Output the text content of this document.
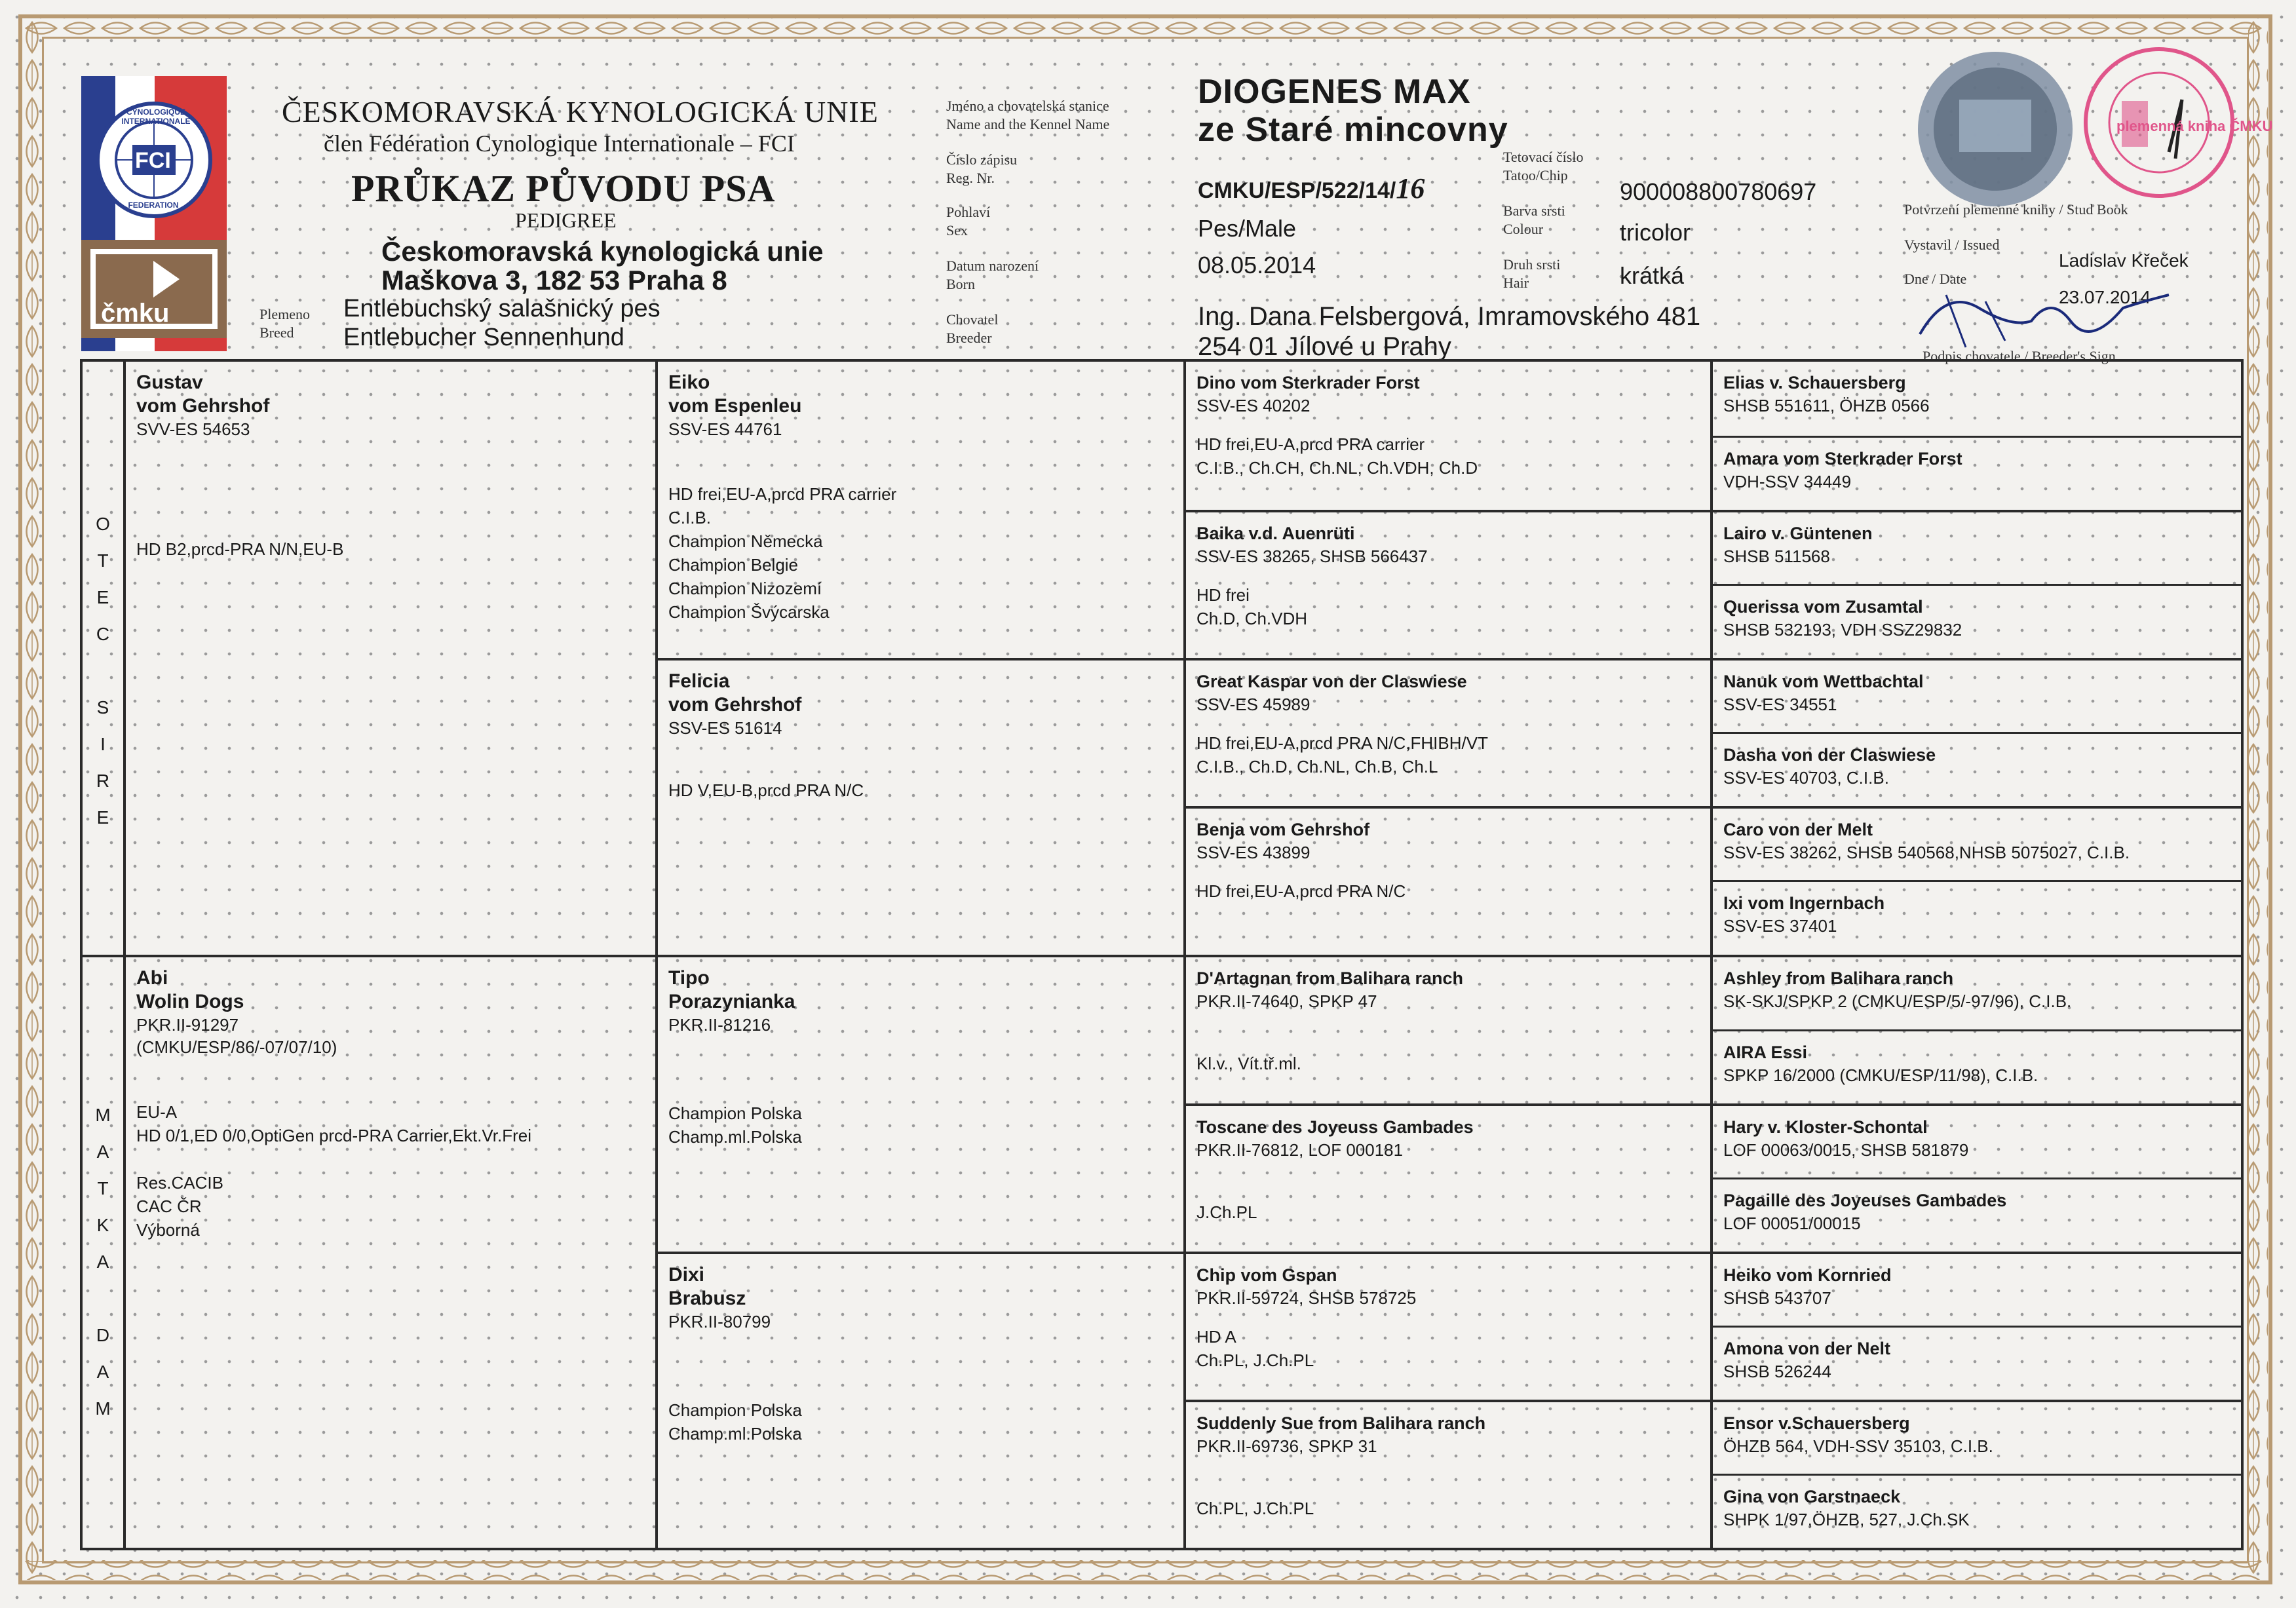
FCI
CYNOLOGIQUE INTERNATIONALE
FEDERATION
čmku
ČESKOMORAVSKÁ KYNOLOGICKÁ UNIE
člen Fédération Cynologique Internationale – FCI
PRŮKAZ PŮVODU PSA
PEDIGREE
Českomoravská kynologická unie
Maškova 3, 182 53 Praha 8
Plemeno
Breed
Entlebuchský salašnický pes
Entlebucher Sennenhund
Jméno a chovatelská stanice
Name and the Kennel Name
Číslo zápisu
Reg. Nr.
Pohlaví
Sex
Datum narození
Born
Chovatel
Breeder
DIOGENES MAX
ze Staré mincovny
CMKU/ESP/522/14/16
Pes/Male
08.05.2014
Ing. Dana Felsbergová, Imramovského 481
254 01 Jílové u Prahy
Tetovací číslo
Tatoo/Chip
Barva srsti
Colour
Druh srsti
Hair
900008800780697
tricolor
krátká
plemenná kniha ČMKU
Potvrzení plemenné knihy / Stud Book
Vystavil / Issued
Ladislav Křeček
Dne / Date
23.07.2014
Podpis chovatele / Breeder's Sign.
O
T
E
C
S
I
R
E
M
A
T
K
A
D
A
M
Gustav
vom Gehrshof
SVV-ES 54653
HD B2,prcd-PRA N/N,EU-B
Abi
Wolin Dogs
PKR.II-91297
(CMKU/ESP/86/-07/07/10)
EU-A
HD 0/1,ED 0/0,OptiGen prcd-PRA Carrier,Ekt.Vr.Frei
Res.CACIB
CAC ČR
Výborná
Eiko
vom Espenleu
SSV-ES 44761
HD frei,EU-A,prcd PRA carrier
C.I.B.
Champion Německa
Champion Belgie
Champion Nizozemí
Champion Švýcarska
Felicia
vom Gehrshof
SSV-ES 51614
HD V,EU-B,prcd PRA N/C
Tipo
Porazynianka
PKR.II-81216
Champion Polska
Champ.ml.Polska
Dixi
Brabusz
PKR.II-80799
Champion Polska
Champ.ml.Polska
Dino vom Sterkrader Forst
SSV-ES 40202
HD frei,EU-A,prcd PRA carrier
C.I.B., Ch.CH, Ch.NL, Ch.VDH, Ch.D
Baika v.d. Auenrüti
SSV-ES 38265, SHSB 566437
HD frei
Ch.D, Ch.VDH
Great Kaspar von der Claswiese
SSV-ES 45989
HD frei,EU-A,prcd PRA N/C,FHIBH/VT
C.I.B., Ch.D, Ch.NL, Ch.B, Ch.L
Benja vom Gehrshof
SSV-ES 43899
HD frei,EU-A,prcd PRA N/C
D'Artagnan from Balihara ranch
PKR.II-74640, SPKP 47
Kl.v., Vít.tř.ml.
Toscane des Joyeuss Gambades
PKR.II-76812, LOF 000181
J.Ch.PL
Chip vom Gspan
PKR.II-59724, SHSB 578725
HD A
Ch.PL, J.Ch.PL
Suddenly Sue from Balihara ranch
PKR.II-69736, SPKP 31
Ch.PL, J.Ch.PL
Elias v. Schauersberg
SHSB 551611, ÖHZB 0566
Amara vom Sterkrader Forst
VDH-SSV 34449
Lairo v. Güntenen
SHSB 511568
Querissa vom Zusamtal
SHSB 532193, VDH SSZ29832
Nanuk vom Wettbachtal
SSV-ES 34551
Dasha von der Claswiese
SSV-ES 40703, C.I.B.
Caro von der Melt
SSV-ES 38262, SHSB 540568,NHSB 5075027, C.I.B.
Ixi vom Ingernbach
SSV-ES 37401
Ashley from Balihara ranch
SK-SKJ/SPKP 2 (CMKU/ESP/5/-97/96), C.I.B.
AIRA Essi
SPKP 16/2000 (CMKU/ESP/11/98), C.I.B.
Hary v. Kloster-Schontal
LOF 00063/0015, SHSB 581879
Pagaille des Joyeuses Gambades
LOF 00051/00015
Heiko vom Kornried
SHSB 543707
Amona von der Nelt
SHSB 526244
Ensor v.Schauersberg
ÖHZB 564, VDH-SSV 35103, C.I.B.
Gina von Garstnaeck
SHPK 1/97,ÖHZB, 527, J.Ch.SK
